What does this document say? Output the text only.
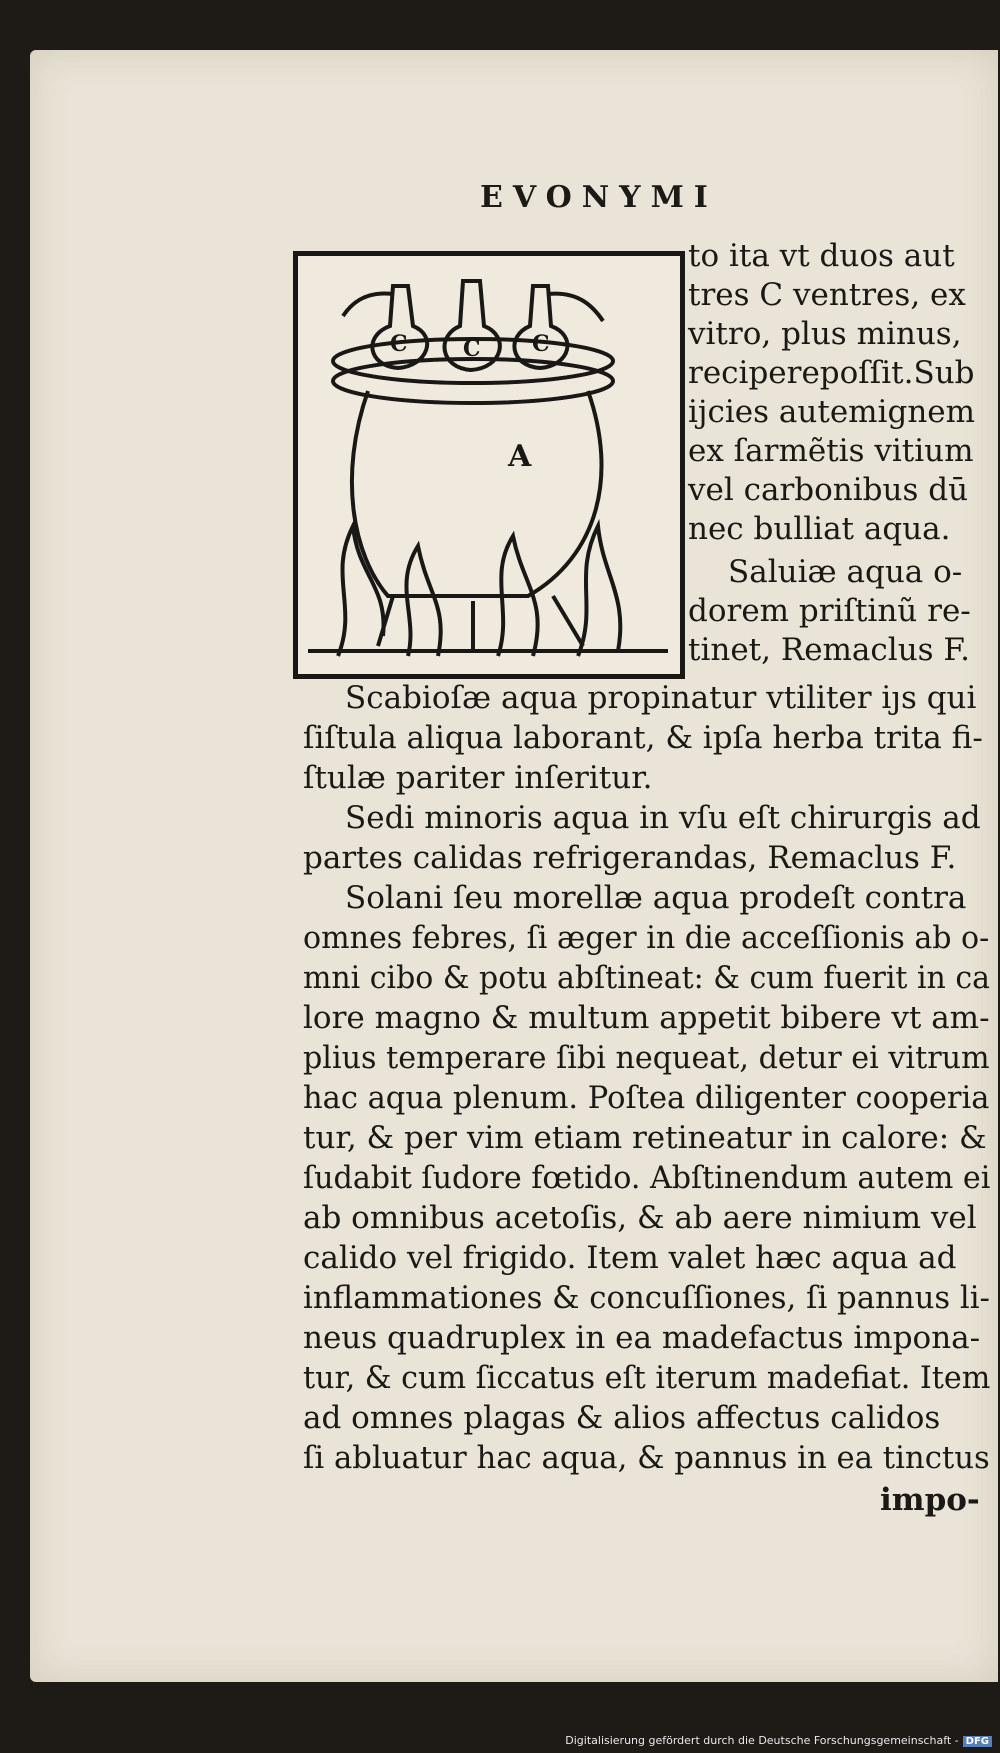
EVONYMI
C	C C
A
to ita vt duos aut
tres C ventres, ex
vitro, plus minus,
reciperepoſſit.Sub
ijcies autemignem
ex ſarmẽtis vitium
vel carbonibus dū
nec bulliat aqua.
Saluiæ aqua o-
dorem priſtinũ re-
tinet, Remaclus F.
Scabioſæ aqua propinatur vtiliter iȷs qui
ſiſtula aliqua laborant, & ipſa herba trita fi-
ſtulæ pariter inſeritur.
Sedi minoris aqua in vſu eſt chirurgis ad
partes calidas refrigerandas, Remaclus F.
Solani ſeu morellæ aqua prodeſt contra
omnes febres, ſi æger in die acceſſionis ab o-
mni cibo & potu abſtineat: & cum fuerit in ca
lore magno & multum appetit bibere vt am-
plius temperare ſibi nequeat, detur ei vitrum
hac aqua plenum. Poſtea diligenter cooperia
tur, & per vim etiam retineatur in calore: &
ſudabit ſudore fœtido. Abſtinendum autem ei
ab omnibus acetoſis, & ab aere nimium vel
calido vel frigido. Item valet hæc aqua ad
inflammationes & concuſſiones, ſi pannus li-
neus quadruplex in ea madefactus impona-
tur, & cum ſiccatus eſt iterum madefiat. Item
ad omnes plagas & alios affectus calidos
ſi abluatur hac aqua, & pannus in ea tinctus
impo-
Digitalisierung gefördert durch die Deutsche Forschungsgemeinschaft - DFG
